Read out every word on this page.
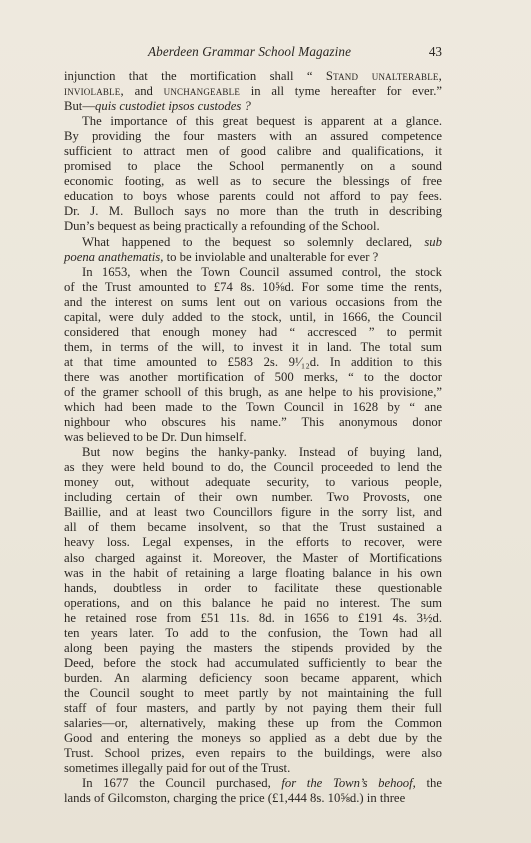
Aberdeen Grammar School Magazine	43
injunction that the mortification shall “ Stand unalterable,
inviolable, and unchangeable in all tyme hereafter for ever.”
But—quis custodiet ipsos custodes ?
The importance of this great bequest is apparent at a glance.
By providing the four masters with an assured competence
sufficient to attract men of good calibre and qualifications, it
promised to place the School permanently on a sound
economic footing, as well as to secure the blessings of free
education to boys whose parents could not afford to pay fees.
Dr. J. M. Bulloch says no more than the truth in describing
Dun’s bequest as being practically a refounding of the School.
What happened to the bequest so solemnly declared, sub
poena anathematis, to be inviolable and unalterable for ever ?
In 1653, when the Town Council assumed control, the stock
of the Trust amounted to £74 8s. 10⅝d. For some time the rents,
and the interest on sums lent out on various occasions from the
capital, were duly added to the stock, until, in 1666, the Council
considered that enough money had “ accresced ” to permit
them, in terms of the will, to invest it in land. The total sum
at that time amounted to £583 2s. 9¹⁄₁₂d. In addition to this
there was another mortification of 500 merks, “ to the doctor
of the gramer schooll of this brugh, as ane helpe to his provisione,”
which had been made to the Town Council in 1628 by “ ane
nighbour who obscures his name.” This anonymous donor
was believed to be Dr. Dun himself.
But now begins the hanky-panky. Instead of buying land,
as they were held bound to do, the Council proceeded to lend the
money out, without adequate security, to various people,
including certain of their own number. Two Provosts, one
Baillie, and at least two Councillors figure in the sorry list, and
all of them became insolvent, so that the Trust sustained a
heavy loss. Legal expenses, in the efforts to recover, were
also charged against it. Moreover, the Master of Mortifications
was in the habit of retaining a large floating balance in his own
hands, doubtless in order to facilitate these questionable
operations, and on this balance he paid no interest. The sum
he retained rose from £51 11s. 8d. in 1656 to £191 4s. 3½d.
ten years later. To add to the confusion, the Town had all
along been paying the masters the stipends provided by the
Deed, before the stock had accumulated sufficiently to bear the
burden. An alarming deficiency soon became apparent, which
the Council sought to meet partly by not maintaining the full
staff of four masters, and partly by not paying them their full
salaries—or, alternatively, making these up from the Common
Good and entering the moneys so applied as a debt due by the
Trust. School prizes, even repairs to the buildings, were also
sometimes illegally paid for out of the Trust.
In 1677 the Council purchased, for the Town’s behoof, the
lands of Gilcomston, charging the price (£1,444 8s. 10⅝d.) in three
